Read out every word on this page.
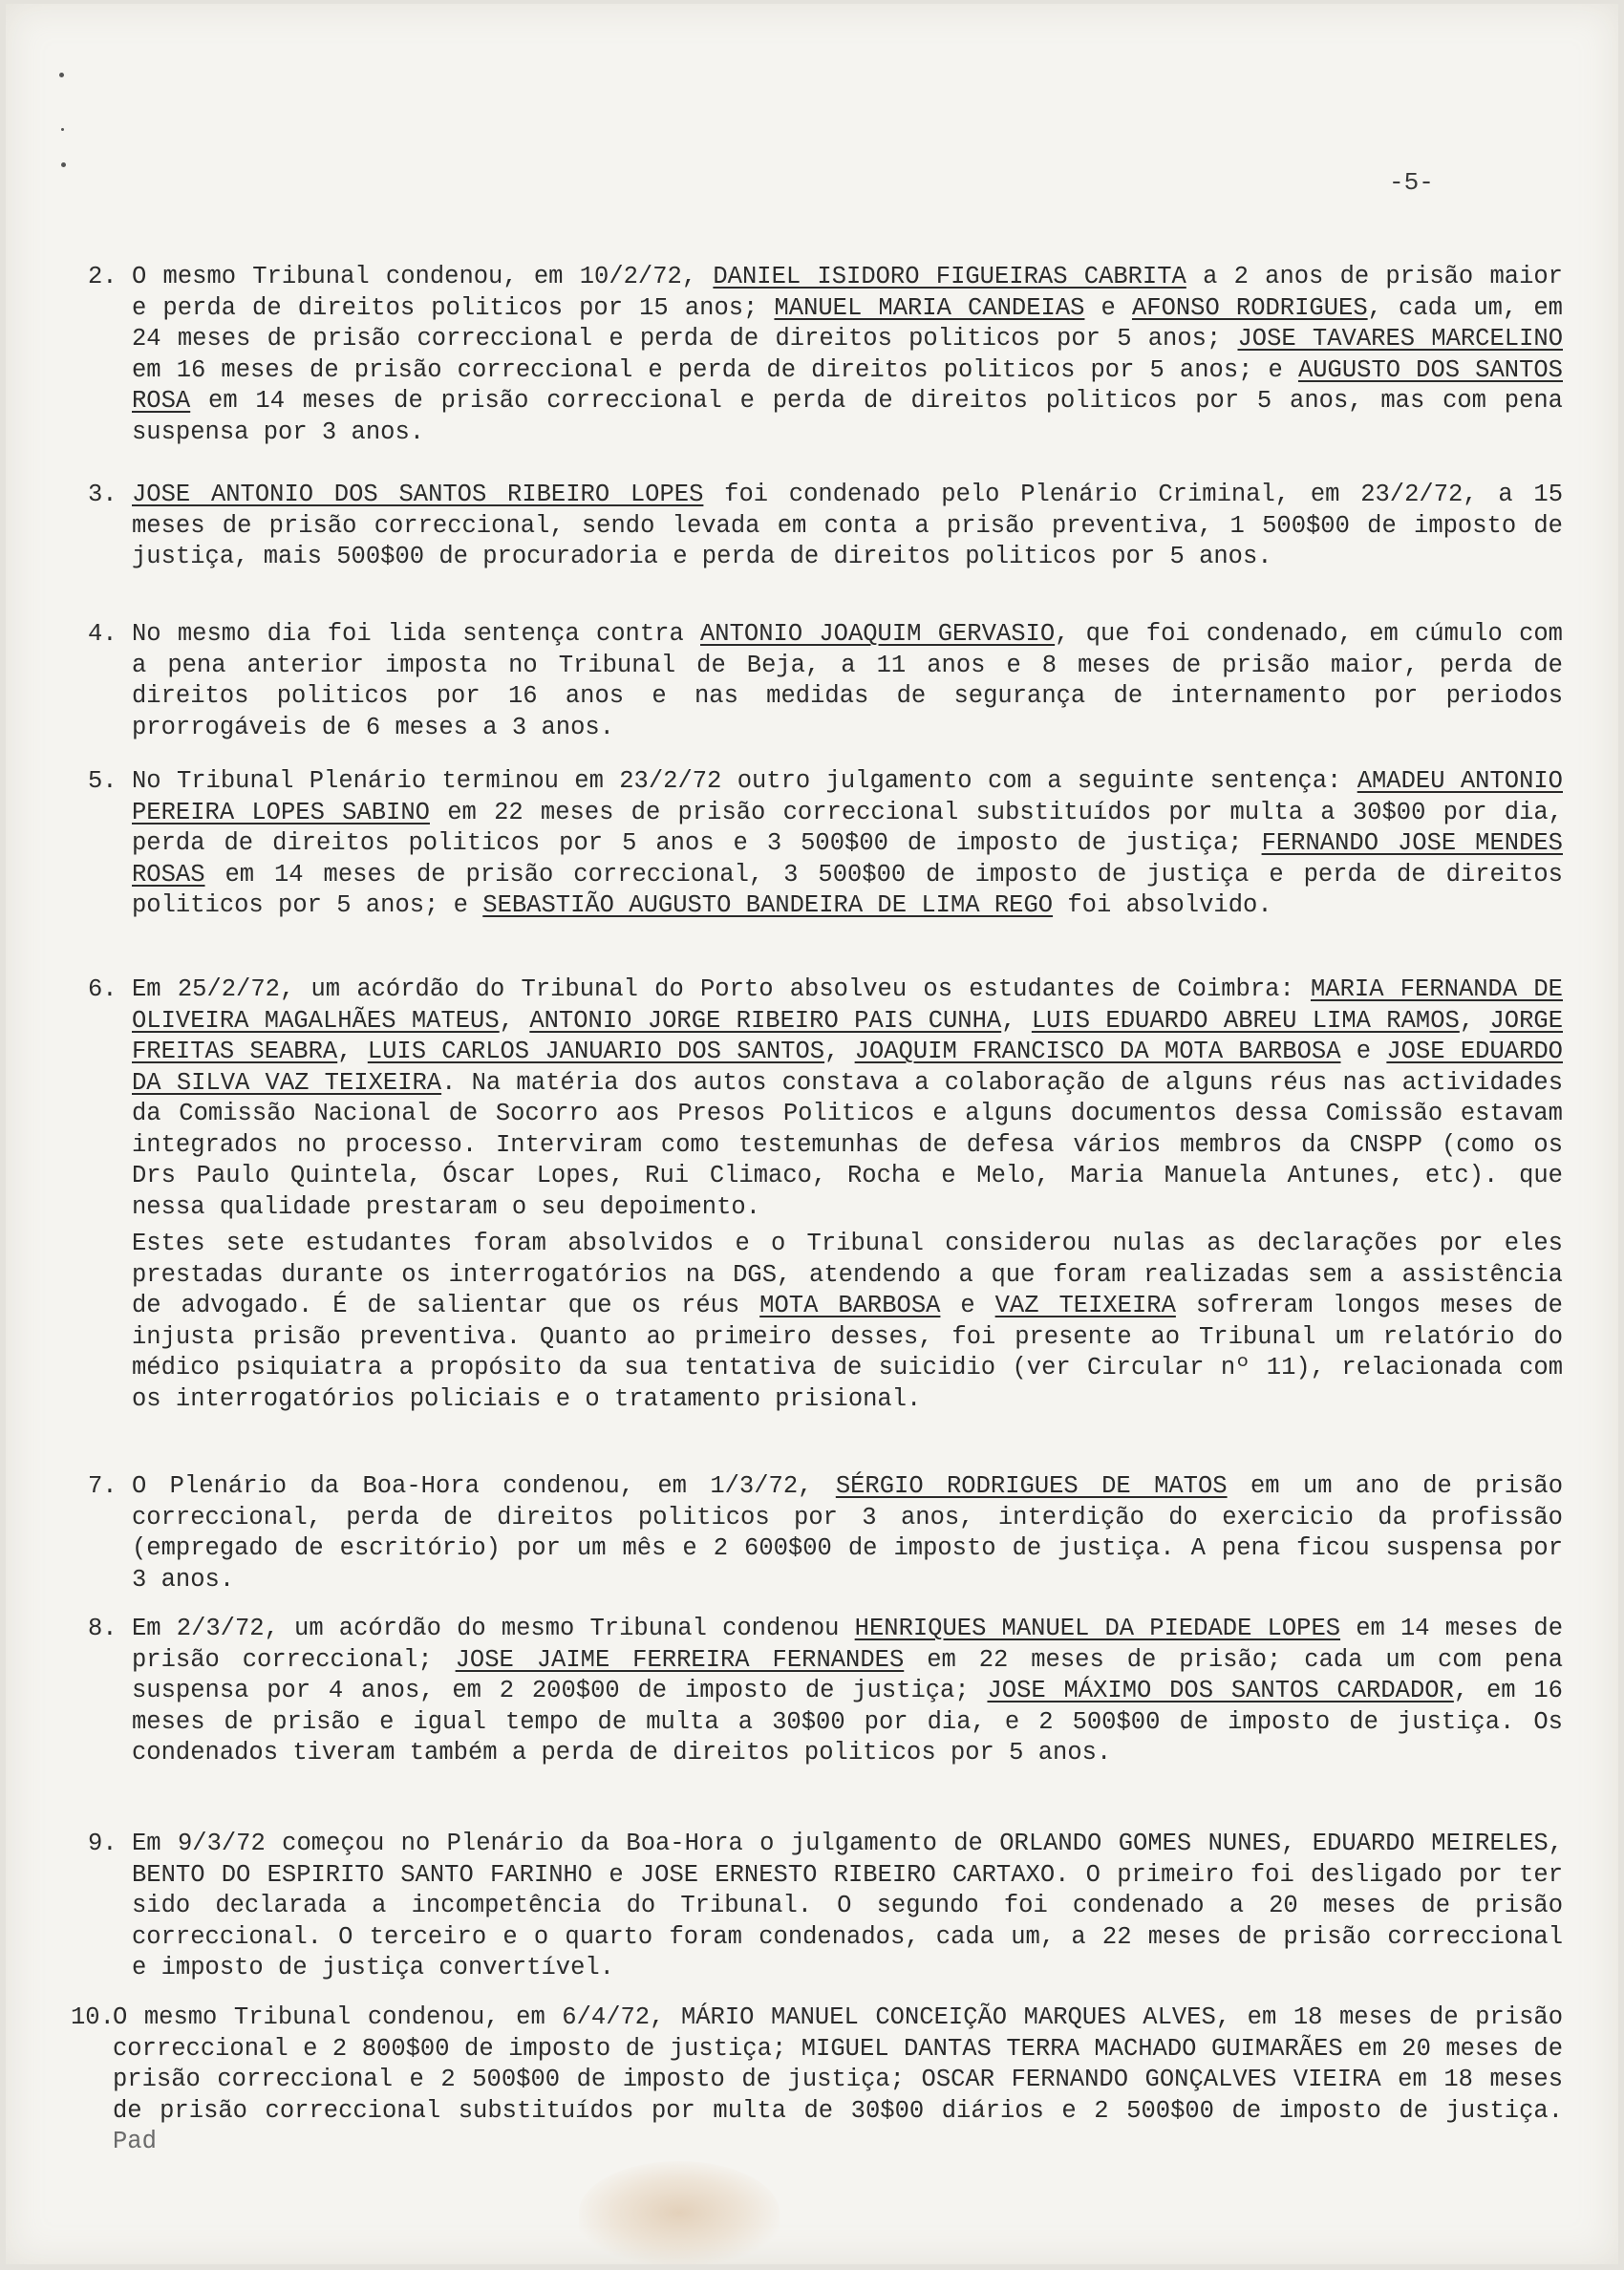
-5-
2. O mesmo Tribunal condenou, em 10/2/72, DANIEL ISIDORO FIGUEIRAS CABRITA a 2 anos de prisão maior e perda de direitos politicos por 15 anos; MANUEL MARIA CANDEIAS e AFONSO RODRIGUES, cada um, em 24 meses de prisão correccional e perda de direitos politicos por 5 anos; JOSE TAVARES MARCELINO em 16 meses de prisão correccional e perda de direitos politicos por 5 anos; e AUGUSTO DOS SANTOS ROSA em 14 meses de prisão correccional e perda de direitos politicos por 5 anos, mas com pena suspensa por 3 anos.

3. JOSE ANTONIO DOS SANTOS RIBEIRO LOPES foi condenado pelo Plenário Criminal, em 23/2/72, a 15 meses de prisão correccional, sendo levada em conta a prisão preventiva, 1 500$00 de imposto de justiça, mais 500$00 de procuradoria e perda de direitos politicos por 5 anos.

4. No mesmo dia foi lida sentença contra ANTONIO JOAQUIM GERVASIO, que foi condenado, em cúmulo com a pena anterior imposta no Tribunal de Beja, a 11 anos e 8 meses de prisão maior, perda de direitos politicos por 16 anos e nas medidas de segurança de internamento por periodos prorrogáveis de 6 meses a 3 anos.

5. No Tribunal Plenário terminou em 23/2/72 outro julgamento com a seguinte sentença: AMADEU ANTONIO PEREIRA LOPES SABINO em 22 meses de prisão correccional substituídos por multa a 30$00 por dia, perda de direitos politicos por 5 anos e 3 500$00 de imposto de justiça; FERNANDO JOSE MENDES ROSAS em 14 meses de prisão correccional, 3 500$00 de imposto de justiça e perda de direitos politicos por 5 anos; e SEBASTIÃO AUGUSTO BANDEIRA DE LIMA REGO foi absolvido.

6. Em 25/2/72, um acórdão do Tribunal do Porto absolveu os estudantes de Coimbra: MARIA FERNANDA DE OLIVEIRA MAGALHÃES MATEUS, ANTONIO JORGE RIBEIRO PAIS CUNHA, LUIS EDUARDO ABREU LIMA RAMOS, JORGE FREITAS SEABRA, LUIS CARLOS JANUARIO DOS SANTOS, JOAQUIM FRANCISCO DA MOTA BARBOSA e JOSE EDUARDO DA SILVA VAZ TEIXEIRA. Na matéria dos autos constava a colaboração de alguns réus nas actividades da Comissão Nacional de Socorro aos Presos Politicos e alguns documentos dessa Comissão estavam integrados no processo. Interviram como testemunhas de defesa vários membros da CNSPP (como os Drs Paulo Quintela, Óscar Lopes, Rui Climaco, Rocha e Melo, Maria Manuela Antunes, etc). que nessa qualidade prestaram o seu depoimento.

Estes sete estudantes foram absolvidos e o Tribunal considerou nulas as declarações por eles prestadas durante os interrogatórios na DGS, atendendo a que foram realizadas sem a assistência de advogado. É de salientar que os réus MOTA BARBOSA e VAZ TEIXEIRA sofreram longos meses de injusta prisão preventiva. Quanto ao primeiro desses, foi presente ao Tribunal um relatório do médico psiquiatra a propósito da sua tentativa de suicidio (ver Circular nº 11), relacionada com os interrogatórios policiais e o tratamento prisional.

7. O Plenário da Boa-Hora condenou, em 1/3/72, SÉRGIO RODRIGUES DE MATOS em um ano de prisão correccional, perda de direitos politicos por 3 anos, interdição do exercicio da profissão (empregado de escritório) por um mês e 2 600$00 de imposto de justiça. A pena ficou suspensa por 3 anos.

8. Em 2/3/72, um acórdão do mesmo Tribunal condenou HENRIQUES MANUEL DA PIEDADE LOPES em 14 meses de prisão correccional; JOSE JAIME FERREIRA FERNANDES em 22 meses de prisão; cada um com pena suspensa por 4 anos, em 2 200$00 de imposto de justiça; JOSE MÁXIMO DOS SANTOS CARDADOR, em 16 meses de prisão e igual tempo de multa a 30$00 por dia, e 2 500$00 de imposto de justiça. Os condenados tiveram também a perda de direitos politicos por 5 anos.

9. Em 9/3/72 começou no Plenário da Boa-Hora o julgamento de ORLANDO GOMES NUNES, EDUARDO MEIRELES, BENTO DO ESPIRITO SANTO FARINHO e JOSE ERNESTO RIBEIRO CARTAXO. O primeiro foi desligado por ter sido declarada a incompetência do Tribunal. O segundo foi condenado a 20 meses de prisão correccional. O terceiro e o quarto foram condenados, cada um, a 22 meses de prisão correccional e imposto de justiça convertível.

10.

O mesmo Tribunal condenou, em 6/4/72, MÁRIO MANUEL CONCEIÇÃO MARQUES ALVES, em 18 meses de prisão correccional e 2 800$00 de imposto de justiça; MIGUEL DANTAS TERRA MACHADO GUIMARÃES em 20 meses de prisão correccional e 2 500$00 de imposto de justiça; OSCAR FERNANDO GONÇALVES VIEIRA em 18 meses de prisão correccional substituídos por multa de 30$00 diários e 2 500$00 de imposto de justiça. Pad
